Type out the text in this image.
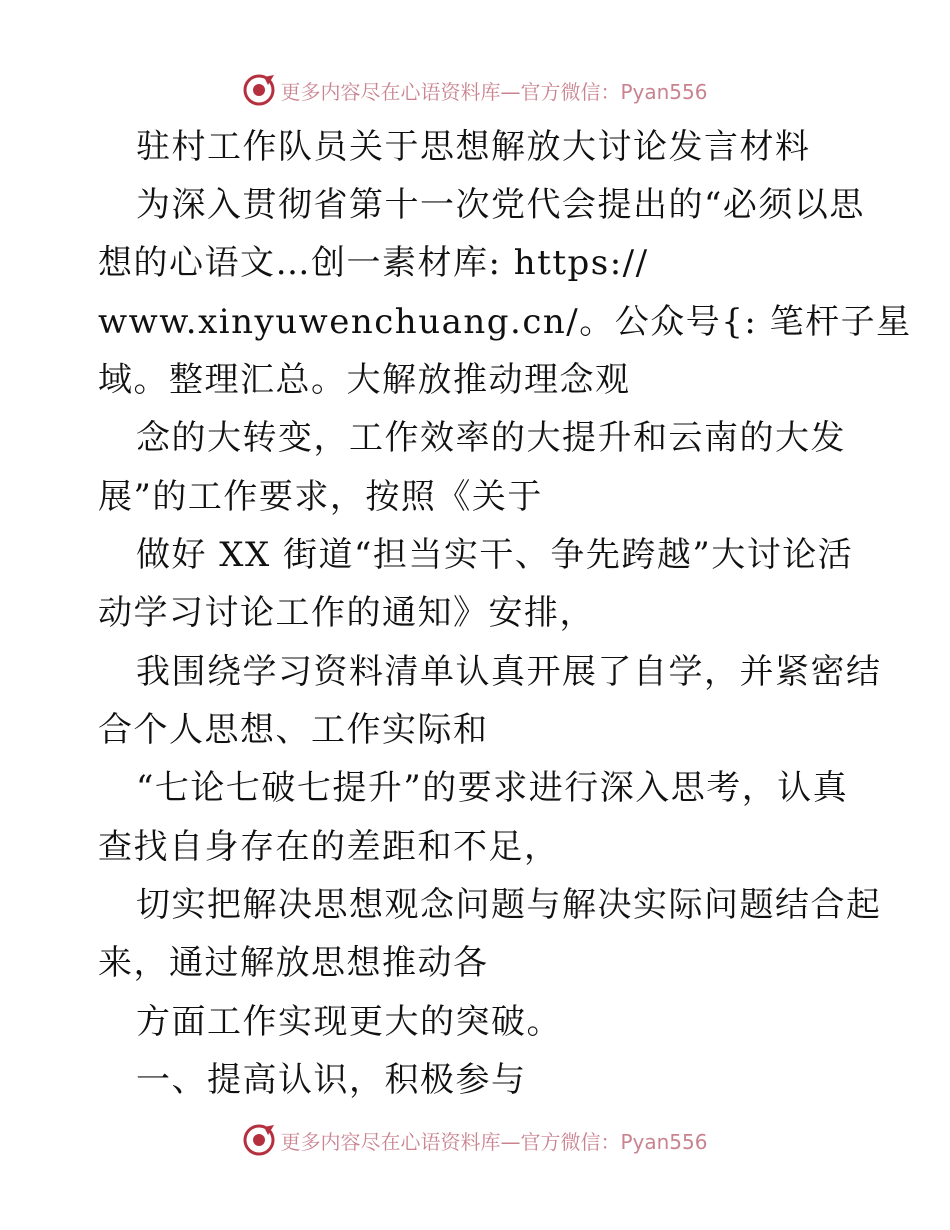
更多内容尽在心语资料库— 官方微信：Pyan556
驻村工作队员关于思想解放大讨论发言材料
为深入贯彻省第十一次党代会提出的“必须以思
想的心语文…创一素材库: https://
www.xinyuwenchuang.cn/。公众号{: 笔杆子星
域。整理汇总。大解放推动理念观
念的大转变，工作效率的大提升和云南的大发
展”的工作要求，按照《关于
做好 XX 街道“担当实干、争先跨越”大讨论活
动学习讨论工作的通知》安排，
我围绕学习资料清单认真开展了自学，并紧密结
合个人思想、工作实际和
“七论七破七提升”的要求进行深入思考，认真
查找自身存在的差距和不足，
切实把解决思想观念问题与解决实际问题结合起
来，通过解放思想推动各
方面工作实现更大的突破。
一、提高认识，积极参与
更多内容尽在心语资料库— 官方微信：Pyan556
